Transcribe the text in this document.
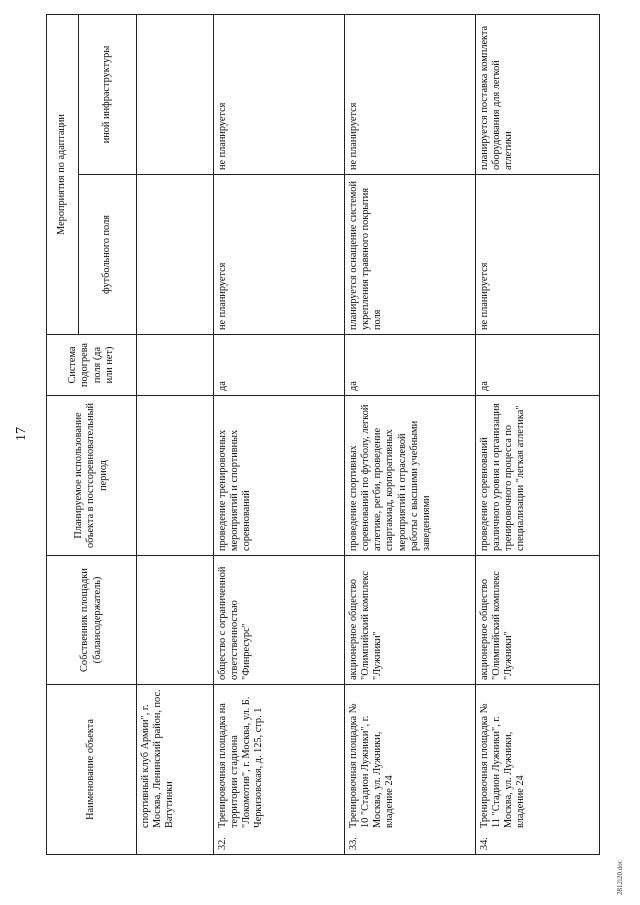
17
Наименование объекта	Собственник площадки (балансодержатель)	Планируемое использование объекта в постсоревновательный период	Система подогрева поля (да или нет)	Мероприятия по адаптации	
				футбольного поля	иной инфраструктуры
спортивный клуб Армии", г. Москва, Ленинский район, пос. Ватутинки					
32.Тренировочная площадка на территории стадиона "Локомотив", г. Москва, ул. Б. Черкизовская, д. 125, стр. 1	общество с ограниченной ответственностью "Финресурс"	проведение тренировочных мероприятий и спортивных соревнований	да	не планируется	не планируется
33.Тренировочная площадка № 10 "Стадион Лужники", г. Москва, ул. Лужники, владение 24	акционерное общество "Олимпийский комплекс "Лужники"	проведение спортивных соревнований по футболу, легкой атлетике, регби, проведение спартакиад, корпоративных мероприятий и отраслевой работы с высшими учебными заведениями	да	планируется оснащение системой укрепления травяного покрытия поля	не планируется
34.Тренировочная площадка № 11 "Стадион Лужники", г. Москва, ул. Лужники, владение 24	акционерное общество "Олимпийский комплекс "Лужники"	проведение соревнований различного уровня и организация тренировочного процесса по специализации "легкая атлетика"	да	не планируется	планируется поставка комплекта оборудования для легкой атлетики
2812i20.doc
